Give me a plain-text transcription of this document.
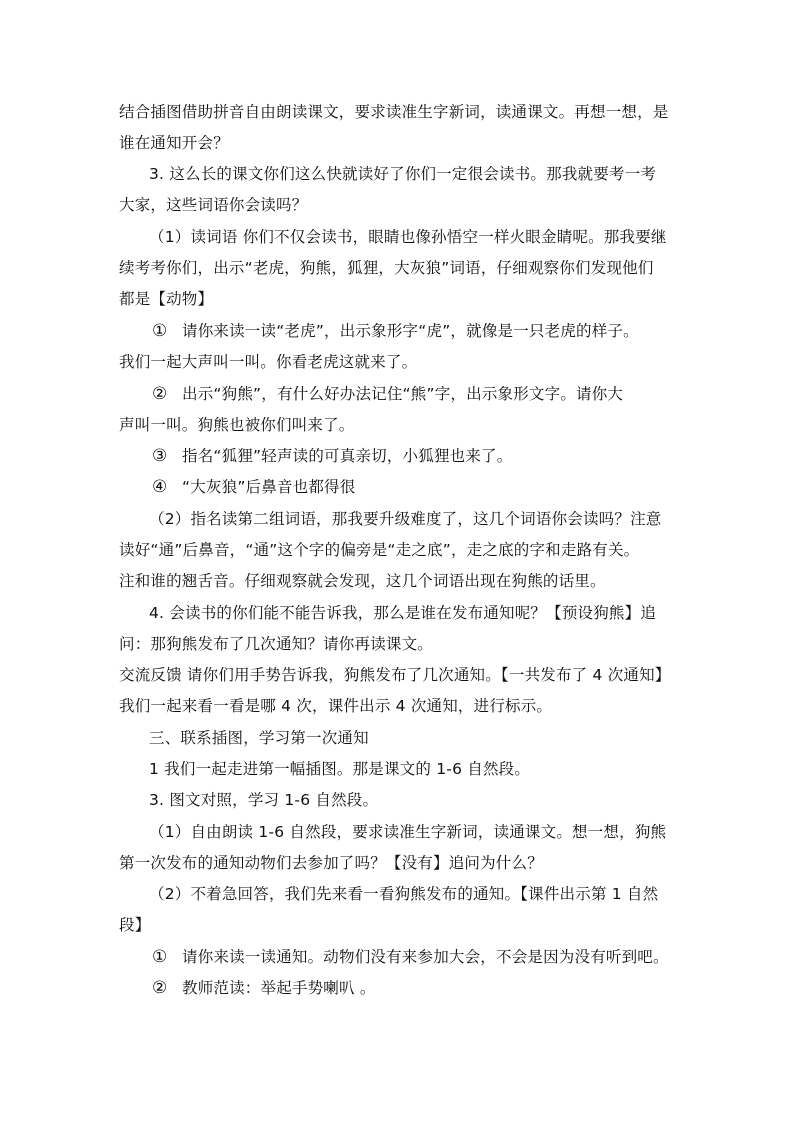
结合插图借助拼音自由朗读课文，要求读准生字新词，读通课文。再想一想，是
谁在通知开会？
3. 这么长的课文你们这么快就读好了你们一定很会读书。那我就要考一考
大家，这些词语你会读吗？
（1）读词语 你们不仅会读书，眼睛也像孙悟空一样火眼金睛呢。那我要继
续考考你们，出示“老虎，狗熊，狐狸，大灰狼”词语，仔细观察你们发现他们
都是【动物】
① 请你来读一读“老虎”，出示象形字“虎”，就像是一只老虎的样子。
我们一起大声叫一叫。你看老虎这就来了。
② 出示“狗熊”，有什么好办法记住“熊”字，出示象形文字。请你大
声叫一叫。狗熊也被你们叫来了。
③ 指名“狐狸”轻声读的可真亲切，小狐狸也来了。
④ “大灰狼”后鼻音也都得很
（2）指名读第二组词语，那我要升级难度了，这几个词语你会读吗？注意
读好“通”后鼻音，“通”这个字的偏旁是“走之底”，走之底的字和走路有关。
注和谁的翘舌音。仔细观察就会发现，这几个词语出现在狗熊的话里。
4. 会读书的你们能不能告诉我，那么是谁在发布通知呢？【预设狗熊】追
问：那狗熊发布了几次通知？请你再读课文。
交流反馈 请你们用手势告诉我，狗熊发布了几次通知。【一共发布了 4 次通知】
我们一起来看一看是哪 4 次，课件出示 4 次通知，进行标示。
三、联系插图，学习第一次通知
1 我们一起走进第一幅插图。那是课文的 1-6 自然段。
3. 图文对照，学习 1-6 自然段。
（1）自由朗读 1-6 自然段，要求读准生字新词，读通课文。想一想，狗熊
第一次发布的通知动物们去参加了吗？【没有】追问为什么？
（2）不着急回答，我们先来看一看狗熊发布的通知。【课件出示第 1 自然
段】
① 请你来读一读通知。动物们没有来参加大会，不会是因为没有听到吧。
② 教师范读：举起手势喇叭 。
